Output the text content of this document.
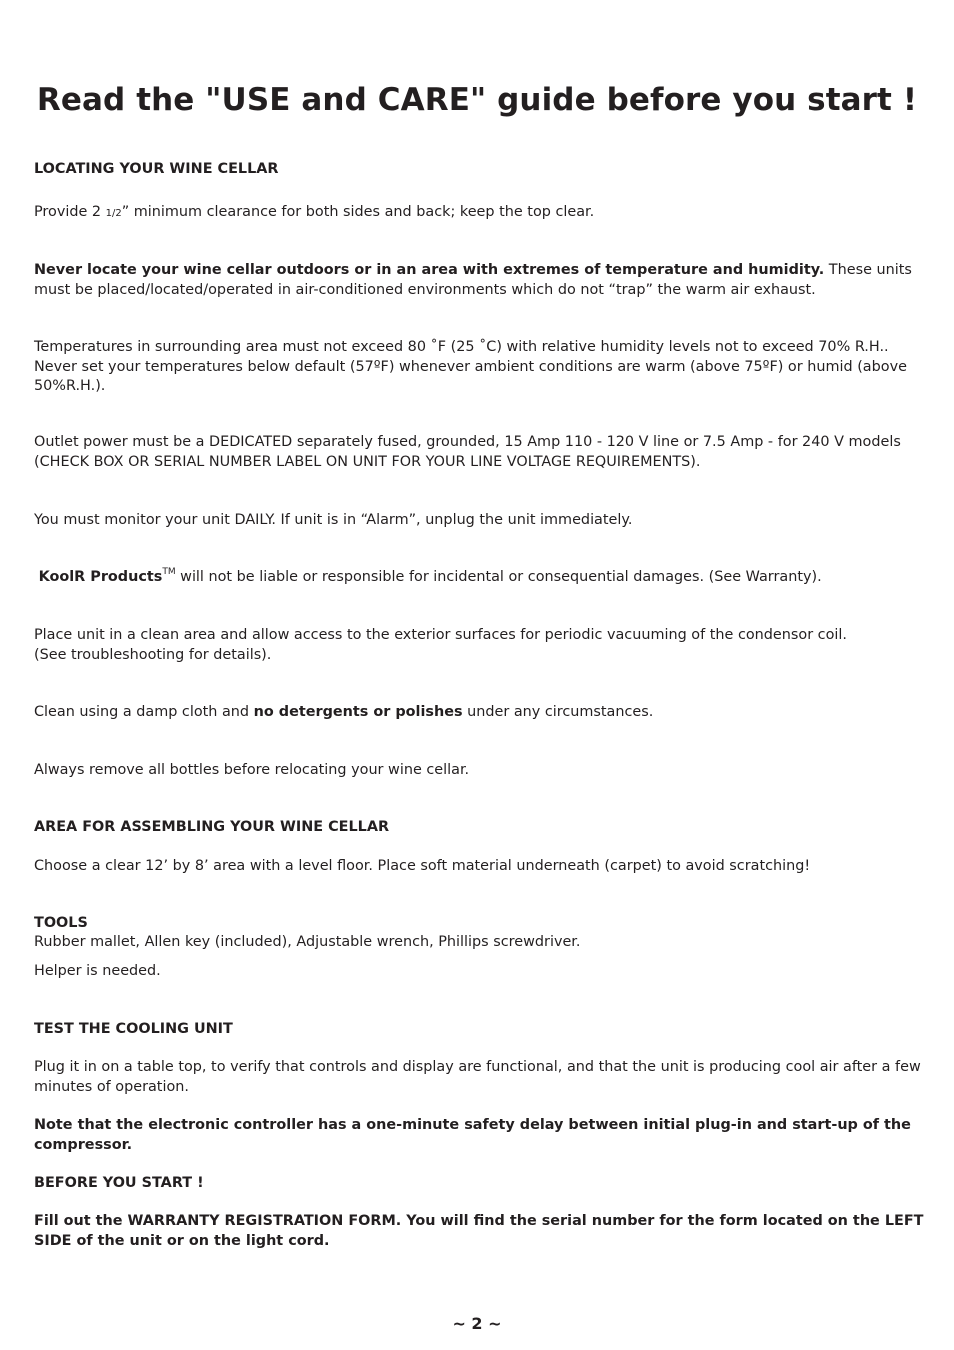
Read the "USE and CARE" guide before you start !

LOCATING YOUR WINE CELLAR

Provide 2 1/2” minimum clearance for both sides and back; keep the top clear.

Never locate your wine cellar outdoors or in an area with extremes of temperature and humidity. These units must be placed/located/operated in air-conditioned environments which do not “trap” the warm air exhaust.

Temperatures in surrounding area must not exceed 80 ˚F (25 ˚C) with relative humidity levels not to exceed 70% R.H..
Never set your temperatures below default (57ºF) whenever ambient conditions are warm (above 75ºF) or humid (above 50%R.H.).

Outlet power must be a DEDICATED separately fused, grounded, 15 Amp 110 - 120 V line or 7.5 Amp - for 240 V models (CHECK BOX OR SERIAL NUMBER LABEL ON UNIT FOR YOUR LINE VOLTAGE REQUIREMENTS).

You must monitor your unit DAILY. If unit is in “Alarm”, unplug the unit immediately.

KoolR Products™ will not be liable or responsible for incidental or consequential damages. (See Warranty).

Place unit in a clean area and allow access to the exterior surfaces for periodic vacuuming of the condensor coil.
(See troubleshooting for details).

Clean using a damp cloth and no detergents or polishes under any circumstances.

Always remove all bottles before relocating your wine cellar.

AREA FOR ASSEMBLING YOUR WINE CELLAR

Choose a clear 12’ by 8’ area with a level floor. Place soft material underneath (carpet) to avoid scratching!

TOOLS

Rubber mallet, Allen key (included), Adjustable wrench, Phillips screwdriver.

Helper is needed.

TEST THE COOLING UNIT

Plug it in on a table top, to verify that controls and display are functional, and that the unit is producing cool air after a few minutes of operation.

Note that the electronic controller has a one-minute safety delay between initial plug-in and start-up of the compressor.

BEFORE YOU START !

Fill out the WARRANTY REGISTRATION FORM. You will find the serial number for the form located on the LEFT SIDE of the unit or on the light cord.

~ 2 ~
